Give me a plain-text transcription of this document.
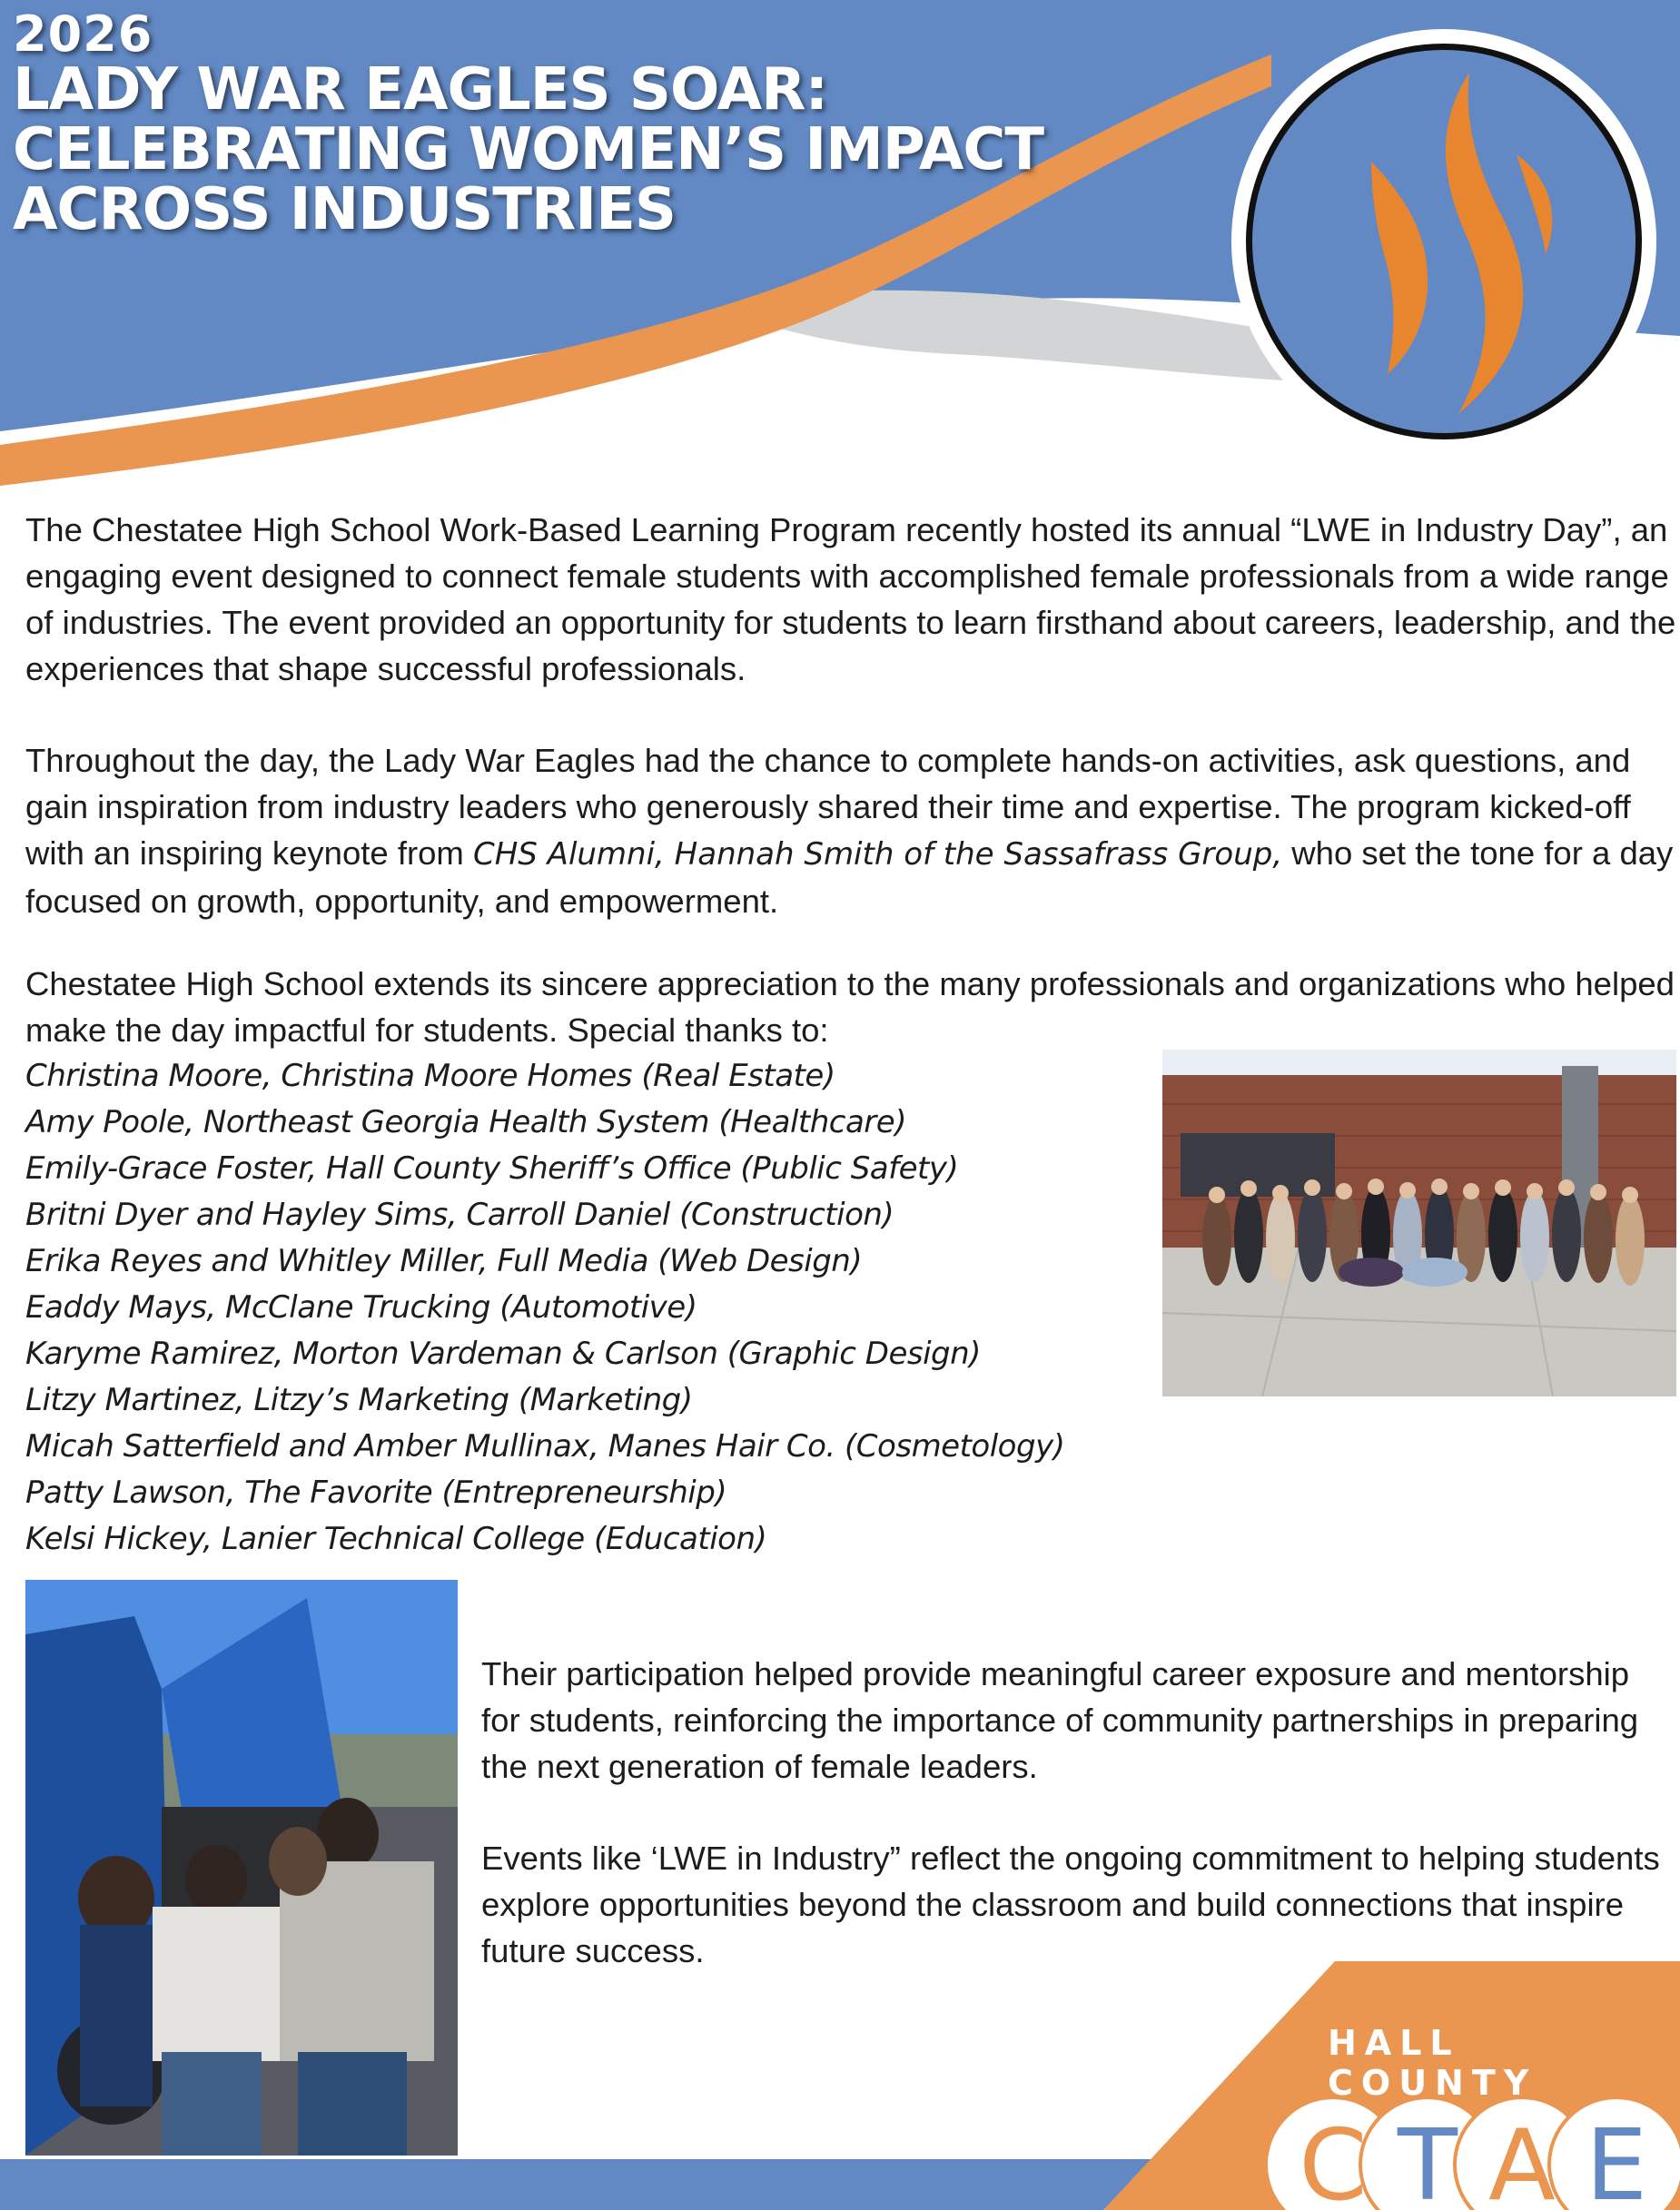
2026
LADY WAR EAGLES SOAR:
CELEBRATING WOMEN’S IMPACT
ACROSS INDUSTRIES

The Chestatee High School Work-Based Learning Program recently hosted its annual “LWE in Industry Day”, an engaging event designed to connect female students with accomplished female professionals from a wide range of industries. The event provided an opportunity for students to learn firsthand about careers, leadership, and the experiences that shape successful professionals.

Throughout the day, the Lady War Eagles had the chance to complete hands-on activities, ask questions, and gain inspiration from industry leaders who generously shared their time and expertise. The program kicked-off with an inspiring keynote from CHS Alumni, Hannah Smith of the Sassafrass Group, who set the tone for a day focused on growth, opportunity, and empowerment.

Chestatee High School extends its sincere appreciation to the many professionals and organizations who helped make the day impactful for students. Special thanks to:

Christina Moore, Christina Moore Homes (Real Estate)
Amy Poole, Northeast Georgia Health System (Healthcare)
Emily-Grace Foster, Hall County Sheriff’s Office (Public Safety)
Britni Dyer and Hayley Sims, Carroll Daniel (Construction)
Erika Reyes and Whitley Miller, Full Media (Web Design)
Eaddy Mays, McClane Trucking (Automotive)
Karyme Ramirez, Morton Vardeman & Carlson (Graphic Design)
Litzy Martinez, Litzy’s Marketing (Marketing)
Micah Satterfield and Amber Mullinax, Manes Hair Co. (Cosmetology)
Patty Lawson, The Favorite (Entrepreneurship)
Kelsi Hickey, Lanier Technical College (Education)

Their participation helped provide meaningful career exposure and mentorship for students, reinforcing the importance of community partnerships in preparing the next generation of female leaders.

Events like ‘LWE in Industry” reflect the ongoing commitment to helping students explore opportunities beyond the classroom and build connections that inspire future success.

C T A E
HALL COUNTY
